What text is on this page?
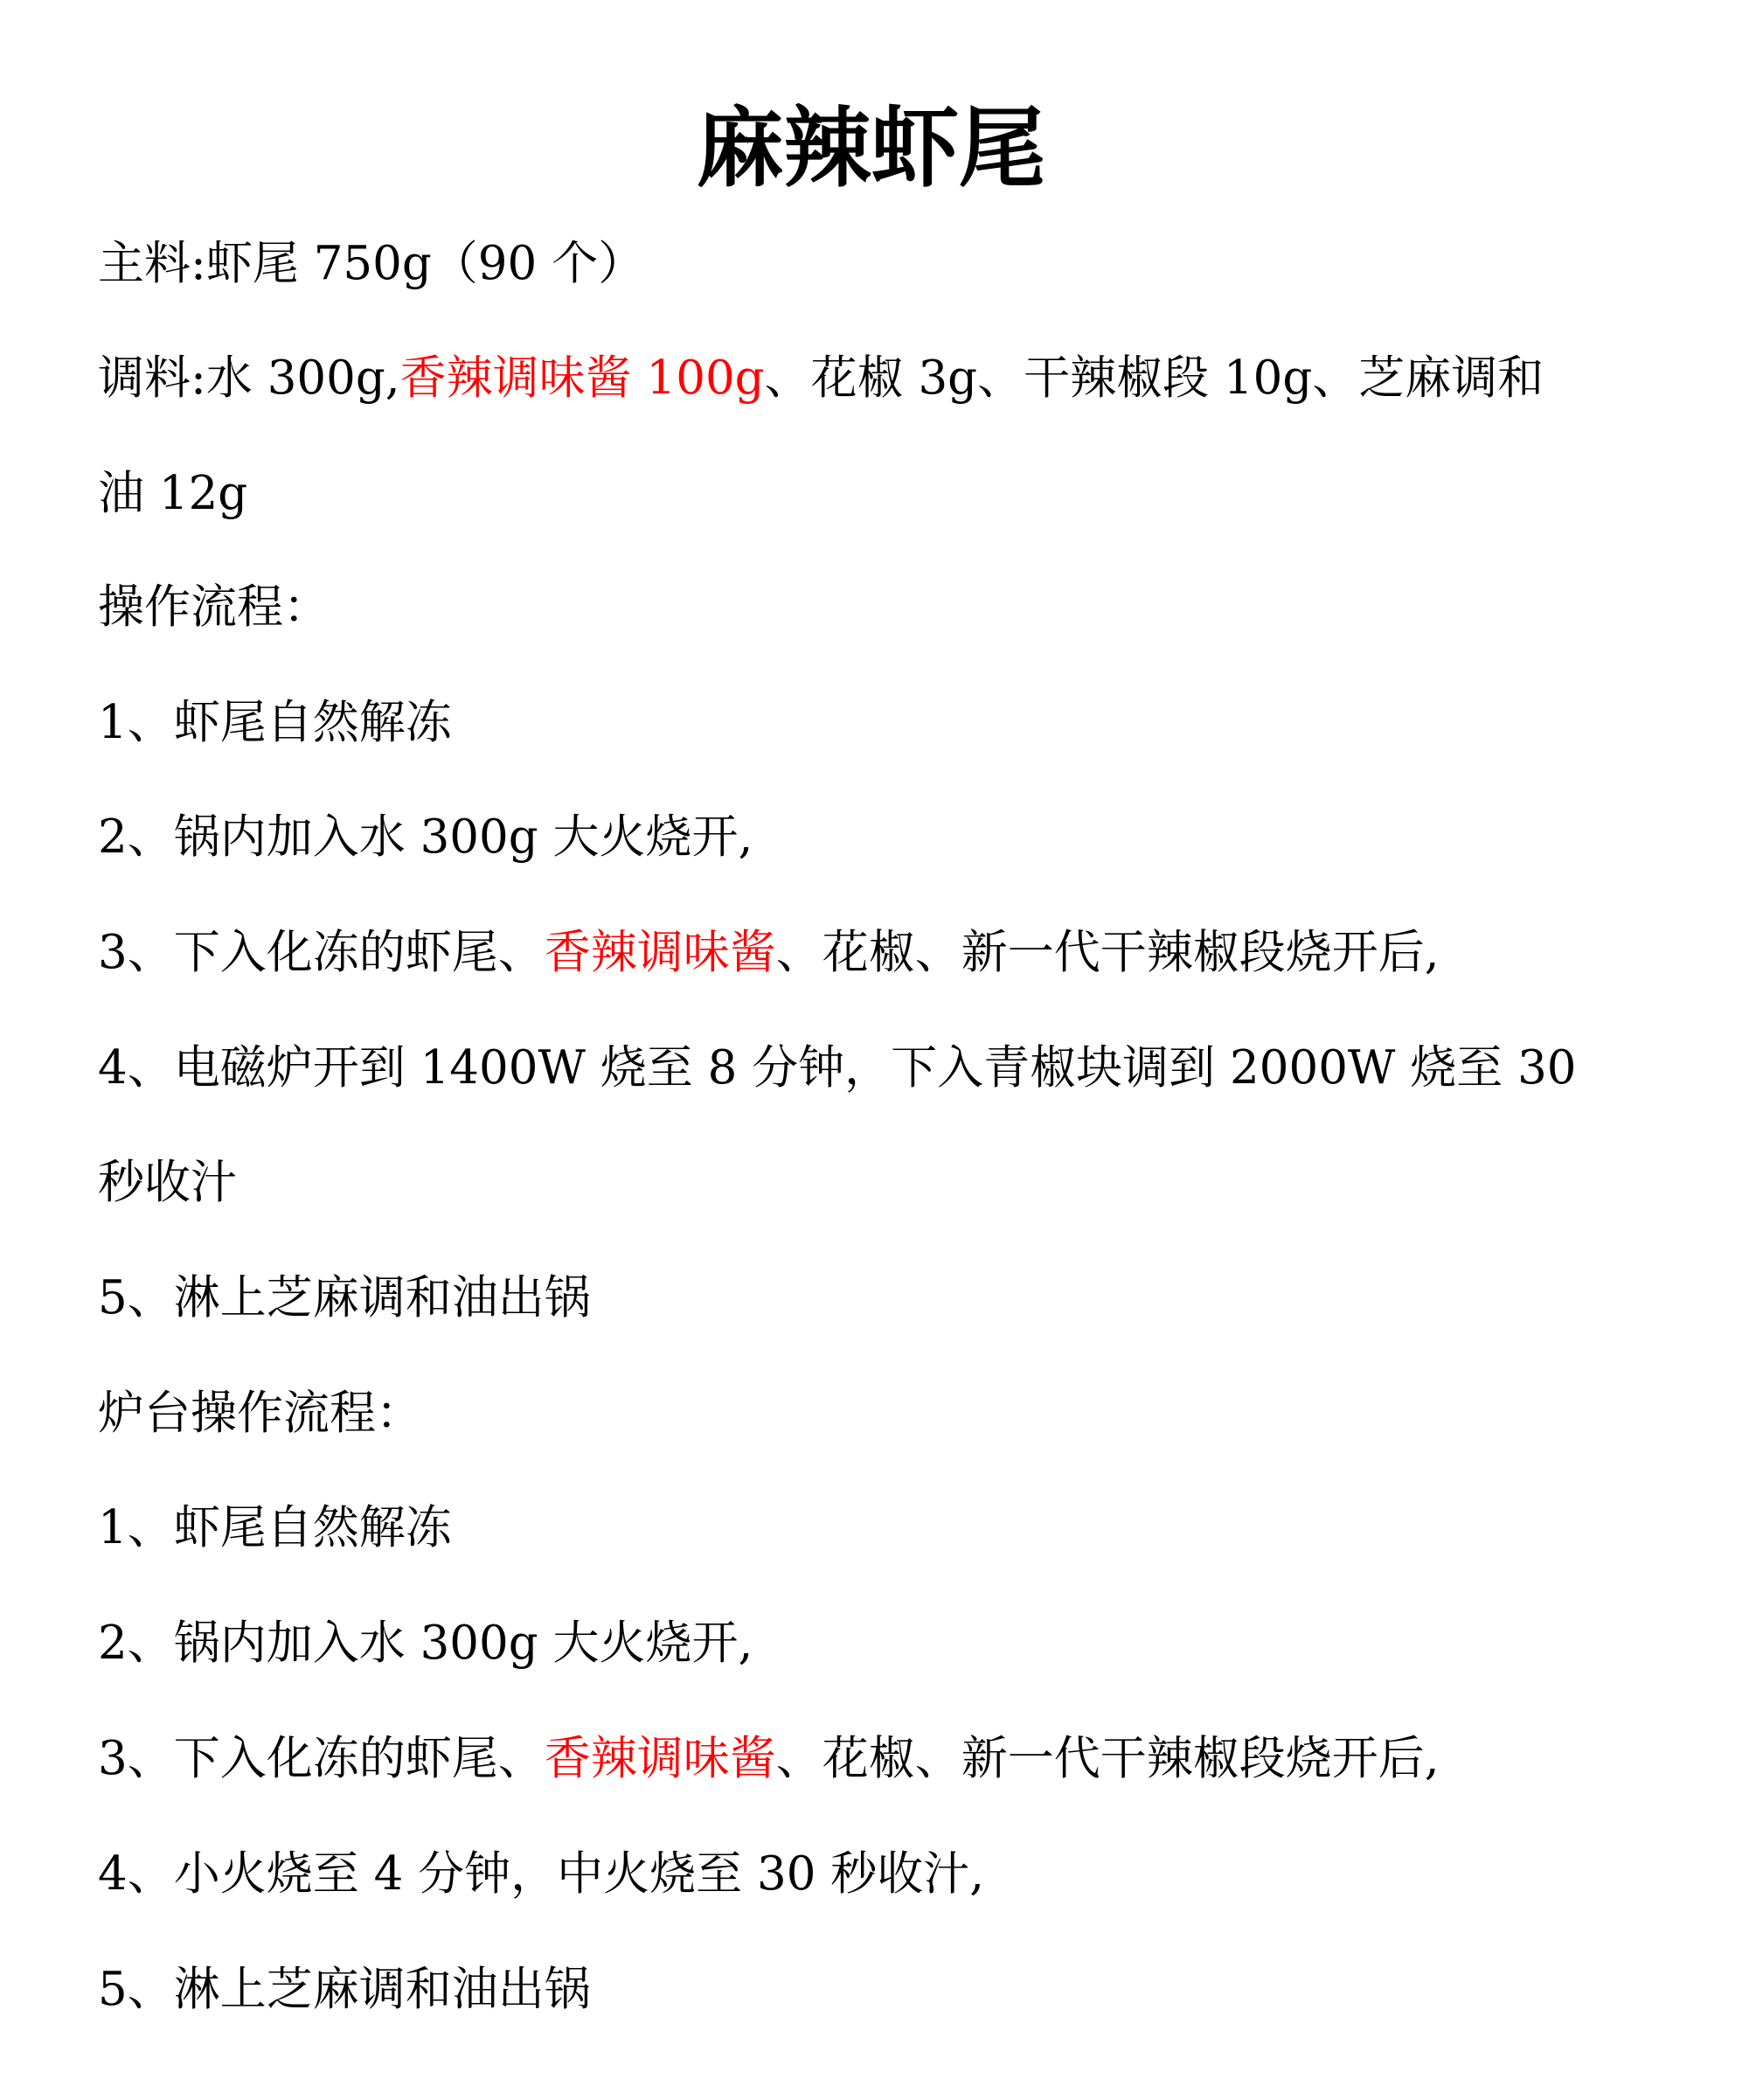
麻辣虾尾
主料:虾尾 750g（90 个）
调料:水 300g,香辣调味酱 100g、花椒 3g、干辣椒段 10g、芝麻调和
油 12g
操作流程：
1、虾尾自然解冻
2、锅内加入水 300g 大火烧开,
3、下入化冻的虾尾、香辣调味酱、花椒、新一代干辣椒段烧开后,
4、电磁炉开到 1400W 烧至 8 分钟，下入青椒块调到 2000W 烧至 30
秒收汁
5、淋上芝麻调和油出锅
炉台操作流程：
1、虾尾自然解冻
2、锅内加入水 300g 大火烧开,
3、下入化冻的虾尾、香辣调味酱、花椒、新一代干辣椒段烧开后,
4、小火烧至 4 分钟，中火烧至 30 秒收汁,
5、淋上芝麻调和油出锅
